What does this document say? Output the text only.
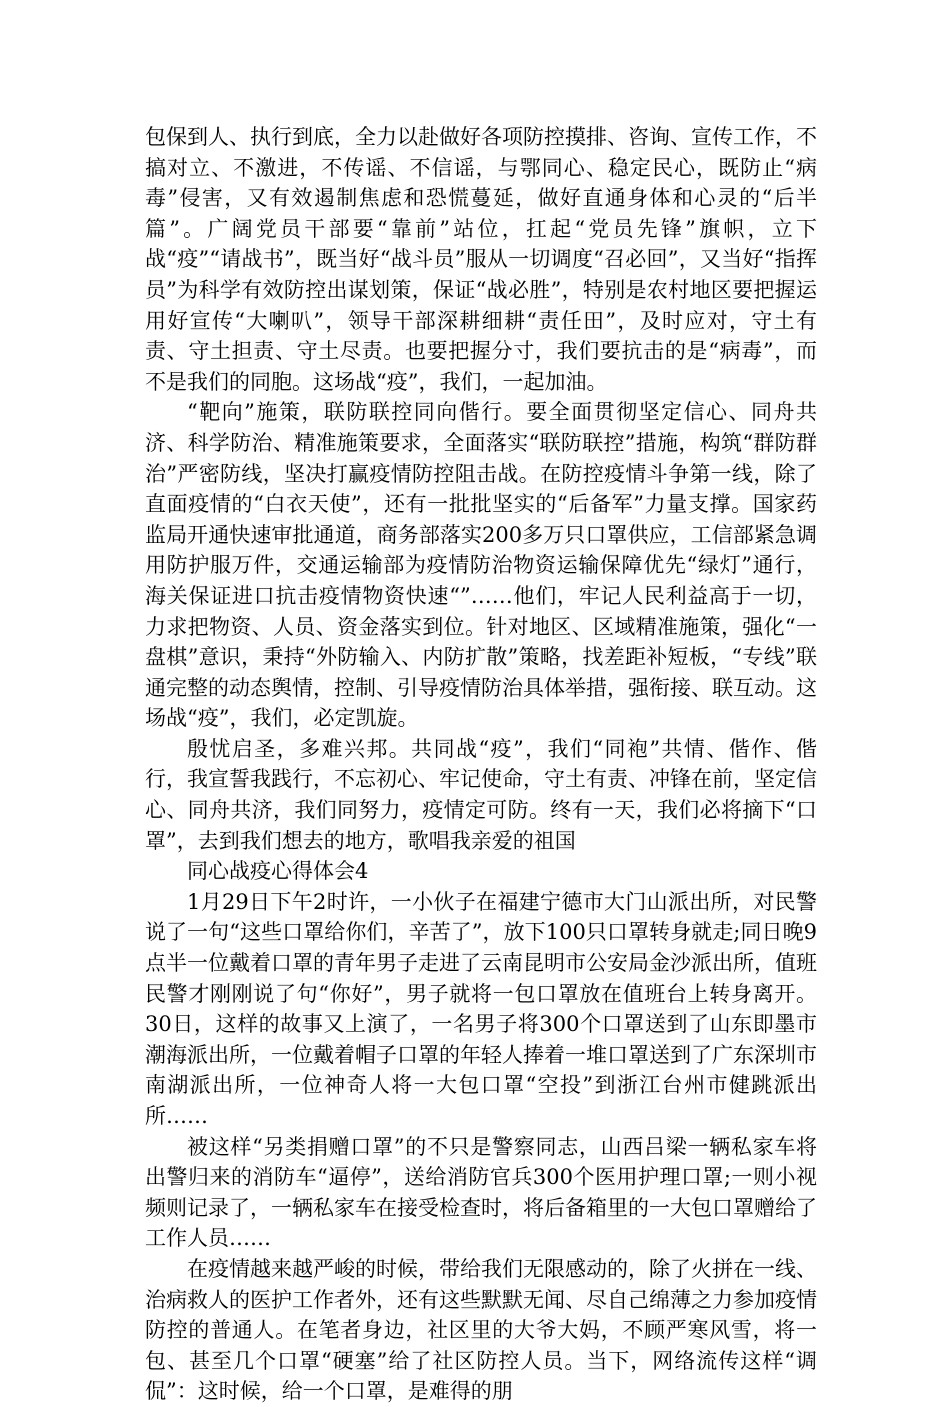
包保到人、执行到底，全力以赴做好各项防控摸排、咨询、宣传工作，不搞对立、不激进，不传谣、不信谣，与鄂同心、稳定民心，既防止“病毒”侵害，又有效遏制焦虑和恐慌蔓延，做好直通身体和心灵的“后半篇”。广阔党员干部要“靠前”站位，扛起“党员先锋”旗帜，立下战“疫”“请战书”，既当好“战斗员”服从一切调度“召必回”，又当好“指挥员”为科学有效防控出谋划策，保证“战必胜”，特别是农村地区要把握运用好宣传“大喇叭”，领导干部深耕细耕“责任田”，及时应对，守土有责、守土担责、守土尽责。也要把握分寸，我们要抗击的是“病毒”，而不是我们的同胞。这场战“疫”，我们，一起加油。

“靶向”施策，联防联控同向偕行。要全面贯彻坚定信心、同舟共济、科学防治、精准施策要求，全面落实“联防联控”措施，构筑“群防群治”严密防线，坚决打赢疫情防控阻击战。在防控疫情斗争第一线，除了直面疫情的“白衣天使”，还有一批批坚实的“后备军”力量支撑。国家药监局开通快速审批通道，商务部落实200多万只口罩供应，工信部紧急调用防护服万件，交通运输部为疫情防治物资运输保障优先“绿灯”通行，海关保证进口抗击疫情物资快速“”……他们，牢记人民利益高于一切，力求把物资、人员、资金落实到位。针对地区、区域精准施策，强化“一盘棋”意识，秉持“外防输入、内防扩散”策略，找差距补短板，“专线”联通完整的动态舆情，控制、引导疫情防治具体举措，强衔接、联互动。这场战“疫”，我们，必定凯旋。

殷忧启圣，多难兴邦。共同战“疫”，我们“同袍”共情、偕作、偕行，我宣誓我践行，不忘初心、牢记使命，守土有责、冲锋在前，坚定信心、同舟共济，我们同努力，疫情定可防。终有一天，我们必将摘下“口罩”，去到我们想去的地方，歌唱我亲爱的祖国

同心战疫心得体会4

1月29日下午2时许，一小伙子在福建宁德市大门山派出所，对民警说了一句“这些口罩给你们，辛苦了”，放下100只口罩转身就走;同日晚9点半一位戴着口罩的青年男子走进了云南昆明市公安局金沙派出所，值班民警才刚刚说了句“你好”，男子就将一包口罩放在值班台上转身离开。30日，这样的故事又上演了，一名男子将300个口罩送到了山东即墨市潮海派出所，一位戴着帽子口罩的年轻人捧着一堆口罩送到了广东深圳市南湖派出所，一位神奇人将一大包口罩“空投”到浙江台州市健跳派出所……

被这样“另类捐赠口罩”的不只是警察同志，山西吕梁一辆私家车将出警归来的消防车“逼停”，送给消防官兵300个医用护理口罩;一则小视频则记录了，一辆私家车在接受检查时，将后备箱里的一大包口罩赠给了工作人员……

在疫情越来越严峻的时候，带给我们无限感动的，除了火拼在一线、治病救人的医护工作者外，还有这些默默无闻、尽自己绵薄之力参加疫情防控的普通人。在笔者身边，社区里的大爷大妈，不顾严寒风雪，将一包、甚至几个口罩“硬塞”给了社区防控人员。当下，网络流传这样“调侃”：这时候，给一个口罩，是难得的朋
